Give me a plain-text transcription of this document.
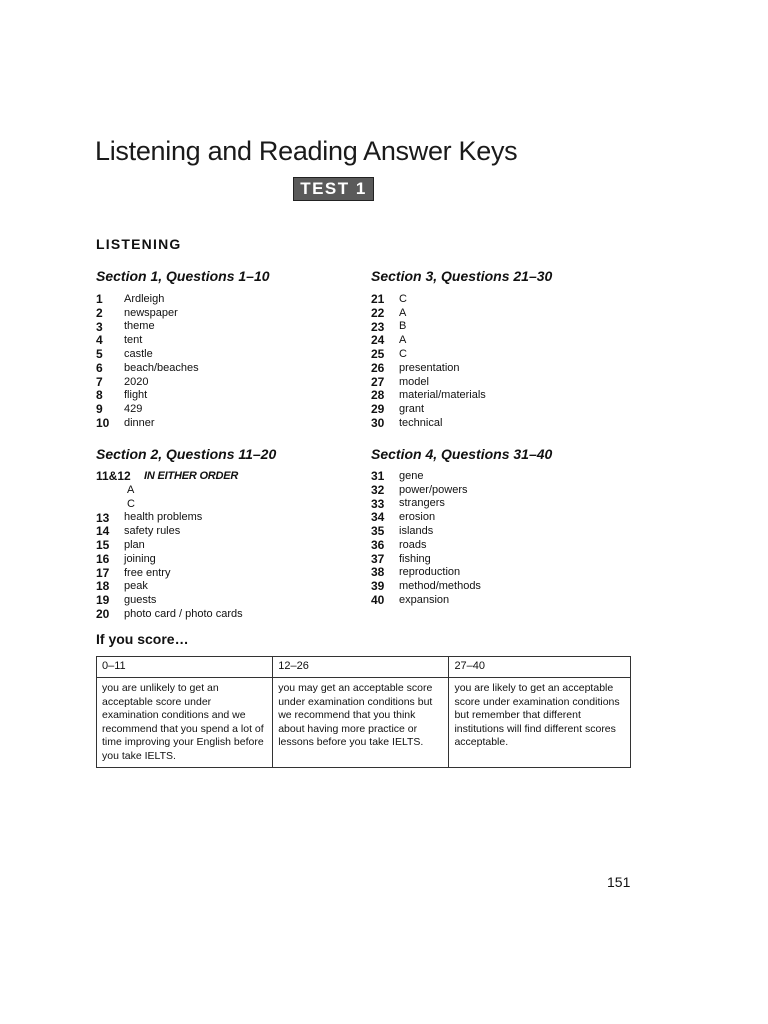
Listening and Reading Answer Keys
TEST 1
LISTENING
Section 1, Questions 1–10
1	Ardleigh
2	newspaper
3	theme
4	tent
5	castle
6	beach/beaches
7	2020
8	flight
9	429
10	dinner
Section 2, Questions 11–20
11&12	IN EITHER ORDER
A
C
13	health problems
14	safety rules
15	plan
16	joining
17	free entry
18	peak
19	guests
20	photo card / photo cards
Section 3, Questions 21–30
21	C
22	A
23	B
24	A
25	C
26	presentation
27	model
28	material/materials
29	grant
30	technical
Section 4, Questions 31–40
31	gene
32	power/powers
33	strangers
34	erosion
35	islands
36	roads
37	fishing
38	reproduction
39	method/methods
40	expansion
If you score…
0–11	12–26	27–40
you are unlikely to get an acceptable score under examination conditions and we recommend that you spend a lot of time improving your English before you take IELTS.	you may get an acceptable score under examination conditions but we recommend that you think about having more practice or lessons before you take IELTS.	you are likely to get an acceptable score under examination conditions but remember that different institutions will find different scores acceptable.
151
